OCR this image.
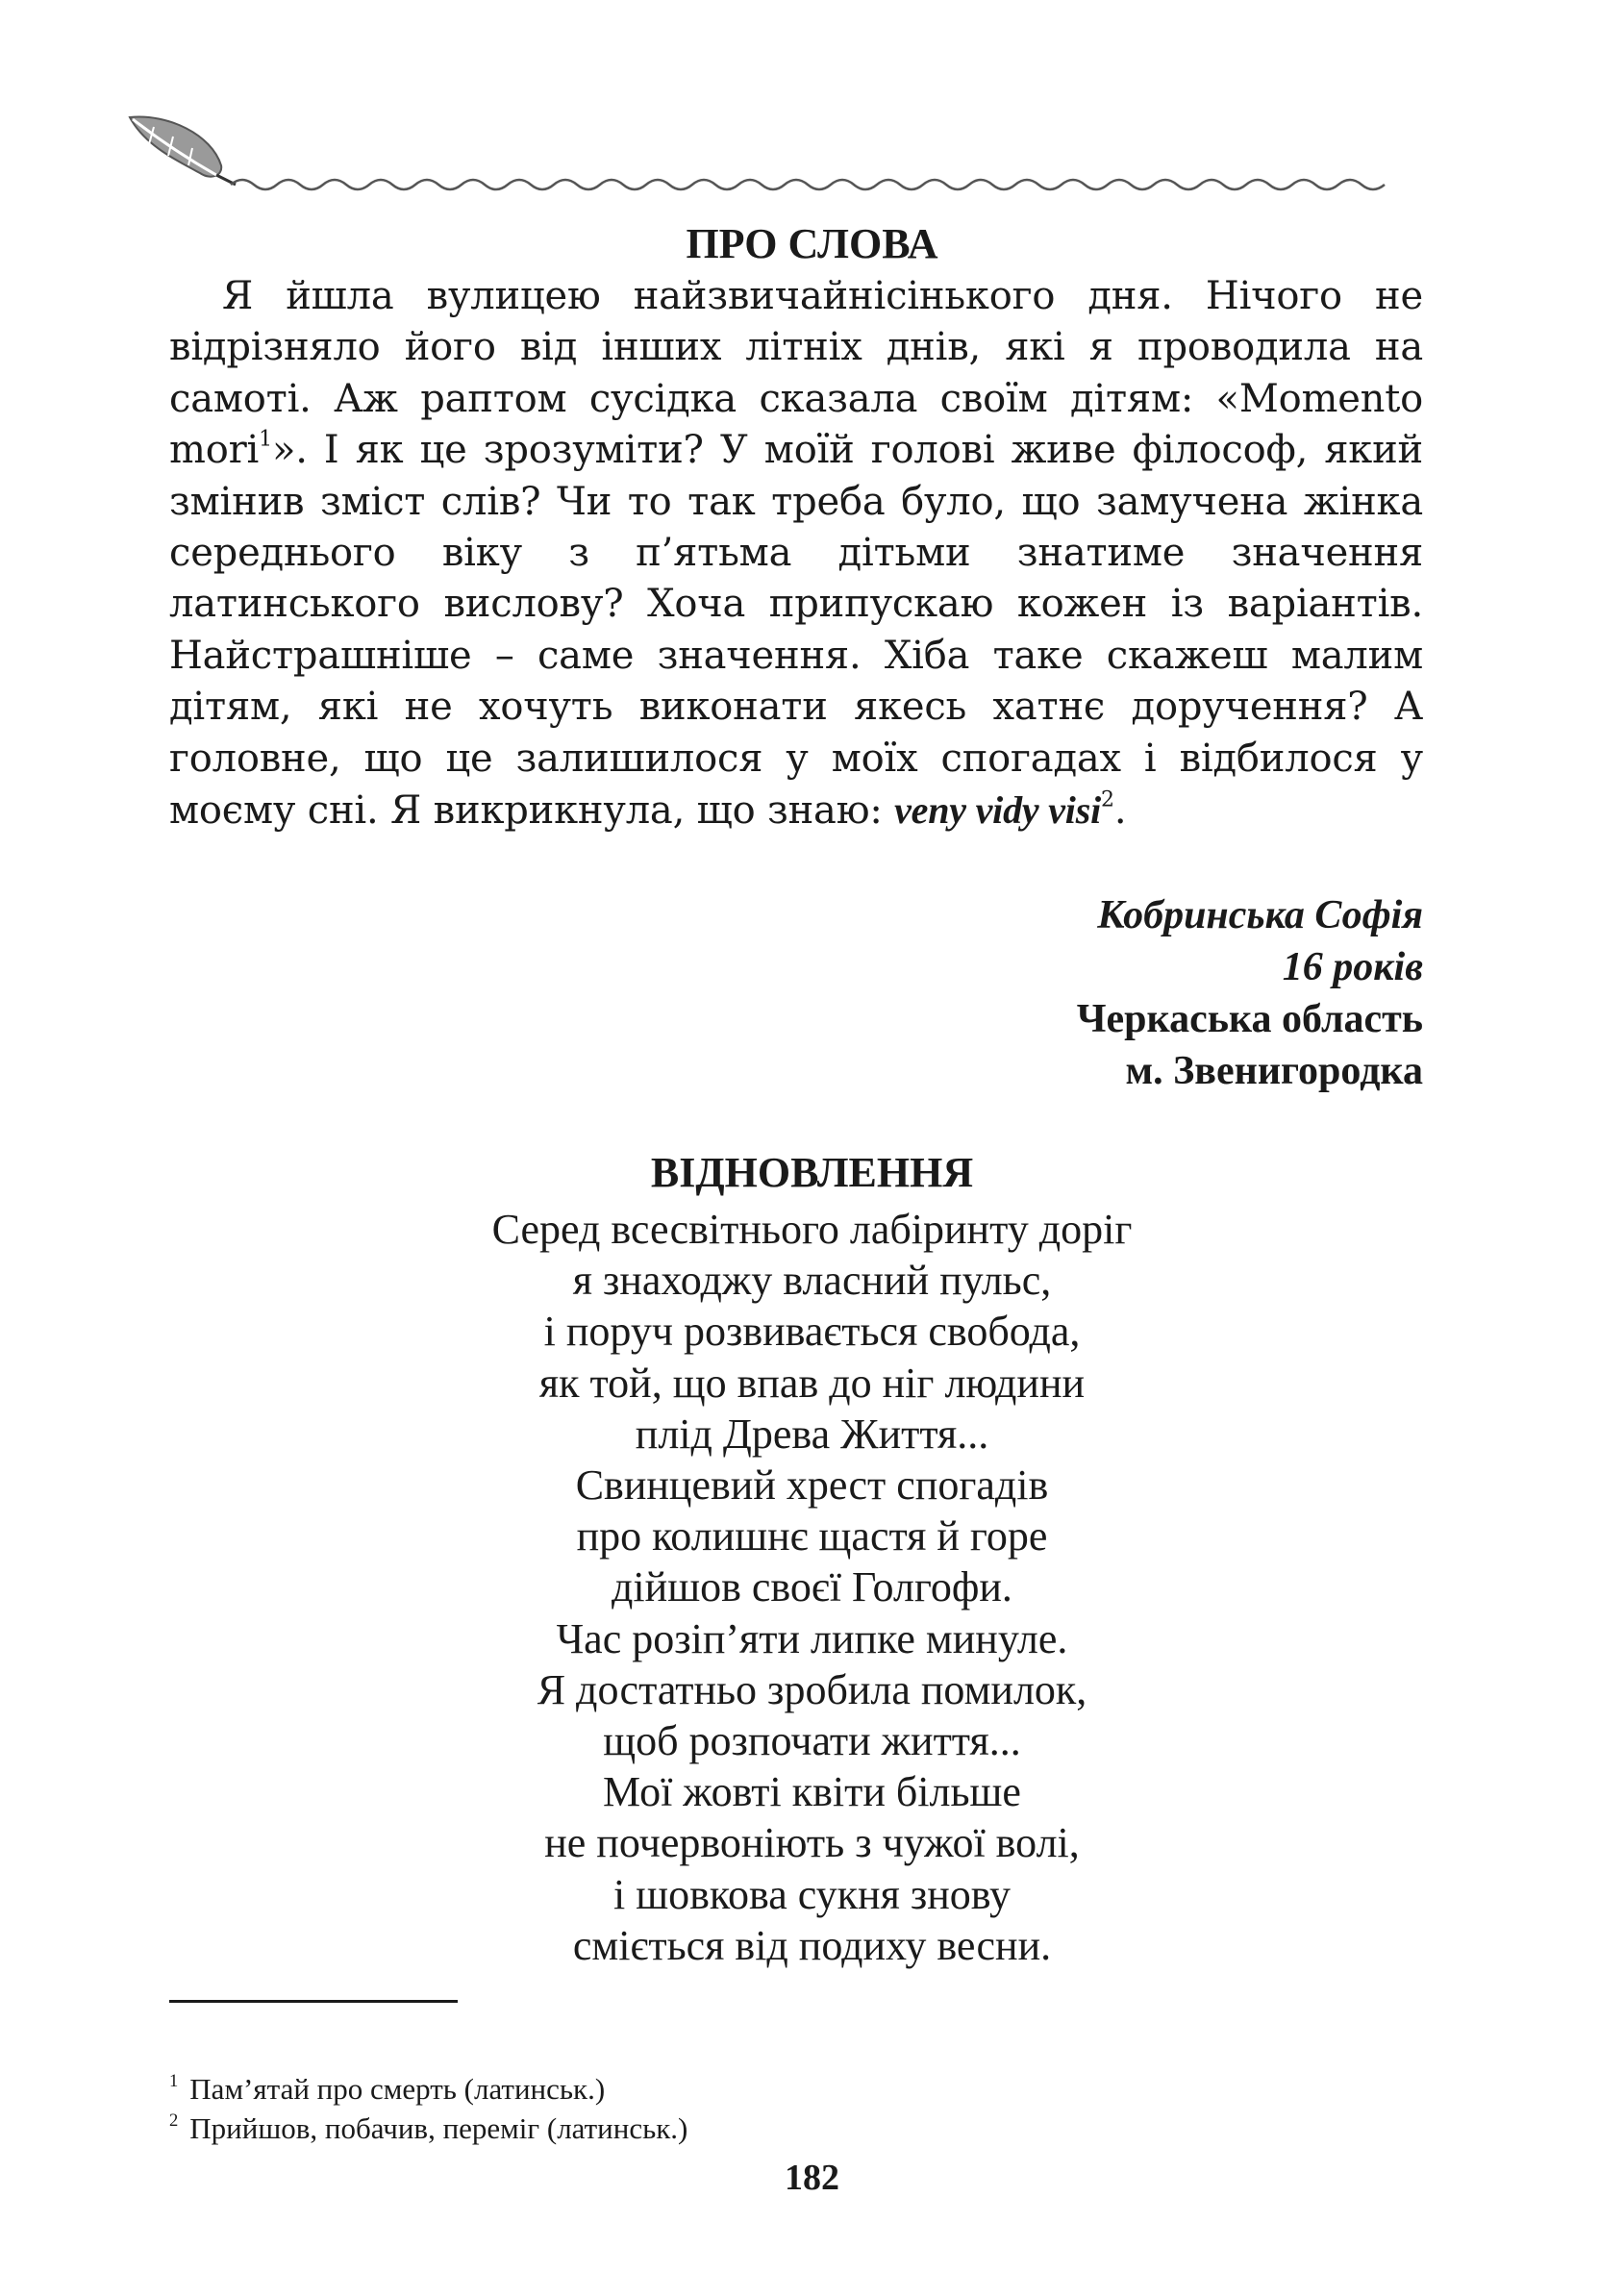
ПРО СЛОВА

Я йшла вулицею найзвичайнісінького дня. Нічого не відрізняло його від інших літніх днів, які я проводила на самоті. Аж раптом сусідка сказала своїм дітям: «Momento mori$^1$». І як це зрозуміти? У моїй голові живе філософ, який змінив зміст слів? Чи то так треба було, що замучена жінка середнього віку з п’ятьма дітьми знатиме значення латинського вислову? Хоча припускаю кожен із варіантів. Найстрашніше – саме значення. Хіба таке скажеш малим дітям, які не хочуть виконати якесь хатнє доручення? А головне, що це залишилося у моїх спогадах і відбилося у моєму сні. Я викрикнула, що знаю: veny vidy visi$^2$.

Кобринська Софія
16 років
Черкаська область
м. Звенигородка
ВІДНОВЛЕННЯ
Серед всесвітнього лабіринту доріг
я знаходжу власний пульс,
і поруч розвивається свобода,
як той, що впав до ніг людини
плід Древа Життя...
Свинцевий хрест спогадів
про колишнє щастя й горе
дійшов своєї Голгофи.
Час розіп’яти липке минуле.
Я достатньо зробила помилок,
щоб розпочати життя...
Мої жовті квіти більше
не почервоніють з чужої волі,
і шовкова сукня знову
сміється від подиху весни.
$^1$ Пам’ятай про смерть (латинськ.)
$^2$ Прийшов, побачив, переміг (латинськ.)
182
